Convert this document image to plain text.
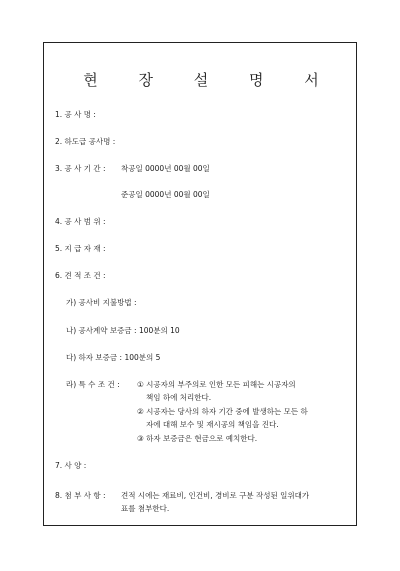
현 장 설 명 서
1. 공 사 명 :
2. 하도급 공사명 :
3. 공 사 기 간 : 착공일 0000년 00월 00일
준공일 0000년 00월 00일
4. 공 사 범 위 :
5. 지 급 자 재 :
6. 견 적 조 건 :
가) 공사비 지불방법 :
나) 공사계약 보증금 : 100분의 10
다) 하자 보증금 : 100분의 5
라) 특 수 조 건 : ① 시공자의 부주의로 인한 모든 피해는 시공자의
책임 하에 처리한다.
② 시공자는 당사의 하자 기간 중에 발생하는 모든 하
자에 대해 보수 및 재시공의 책임을 진다.
③ 하자 보증금은 현금으로 예치한다.
7. 사 양 :
8. 첨 부 사 항 : 견적 시에는 재료비, 인건비, 경비로 구분 작성된 일위대가
표를 첨부한다.
